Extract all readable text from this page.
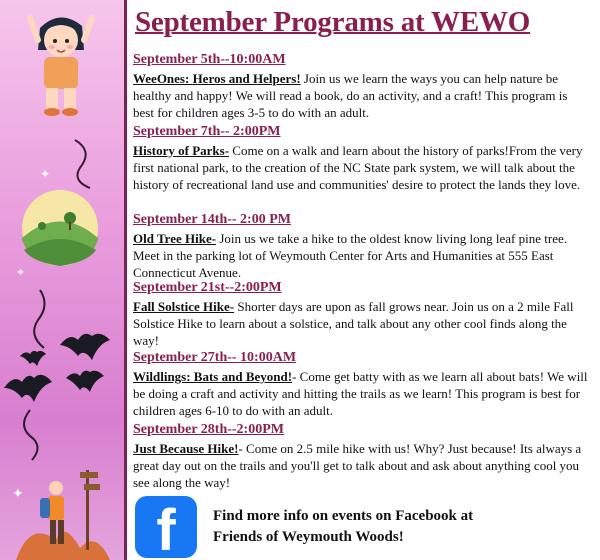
✦
✦
✦
September Programs at WEWO
September 5th--10:00AM

WeeOnes: Heros and Helpers! Join us we learn the ways you can help nature be healthy and happy! We will read a book, do an activity, and a craft! This program is best for children ages 3-5 to do with an adult.

September 7th-- 2:00PM

History of Parks- Come on a walk and learn about the history of parks!From the very first national park, to the creation of the NC State park system, we will talk about the history of recreational land use and communities' desire to protect the lands they love.

September 14th-- 2:00 PM

Old Tree Hike- Join us we take a hike to the oldest know living long leaf pine tree. Meet in the parking lot of Weymouth Center for Arts and Humanities at 555 East Connecticut Avenue.

September 21st--2:00PM

Fall Solstice Hike- Shorter days are upon as fall grows near. Join us on a 2 mile Fall Solstice Hike to learn about a solstice, and talk about any other cool finds along the way!

September 27th-- 10:00AM

Wildlings: Bats and Beyond!- Come get batty with as we learn all about bats! We will be doing a craft and activity and hitting the trails as we learn! This program is best for children ages 6-10 to do with an adult.

September 28th--2:00PM

Just Because Hike!- Come on 2.5 mile hike with us! Why? Just because! Its always a great day out on the trails and you'll get to talk about and ask about anything cool you see along the way!

f Find more info on events on Facebook at
Friends of Weymouth Woods!
